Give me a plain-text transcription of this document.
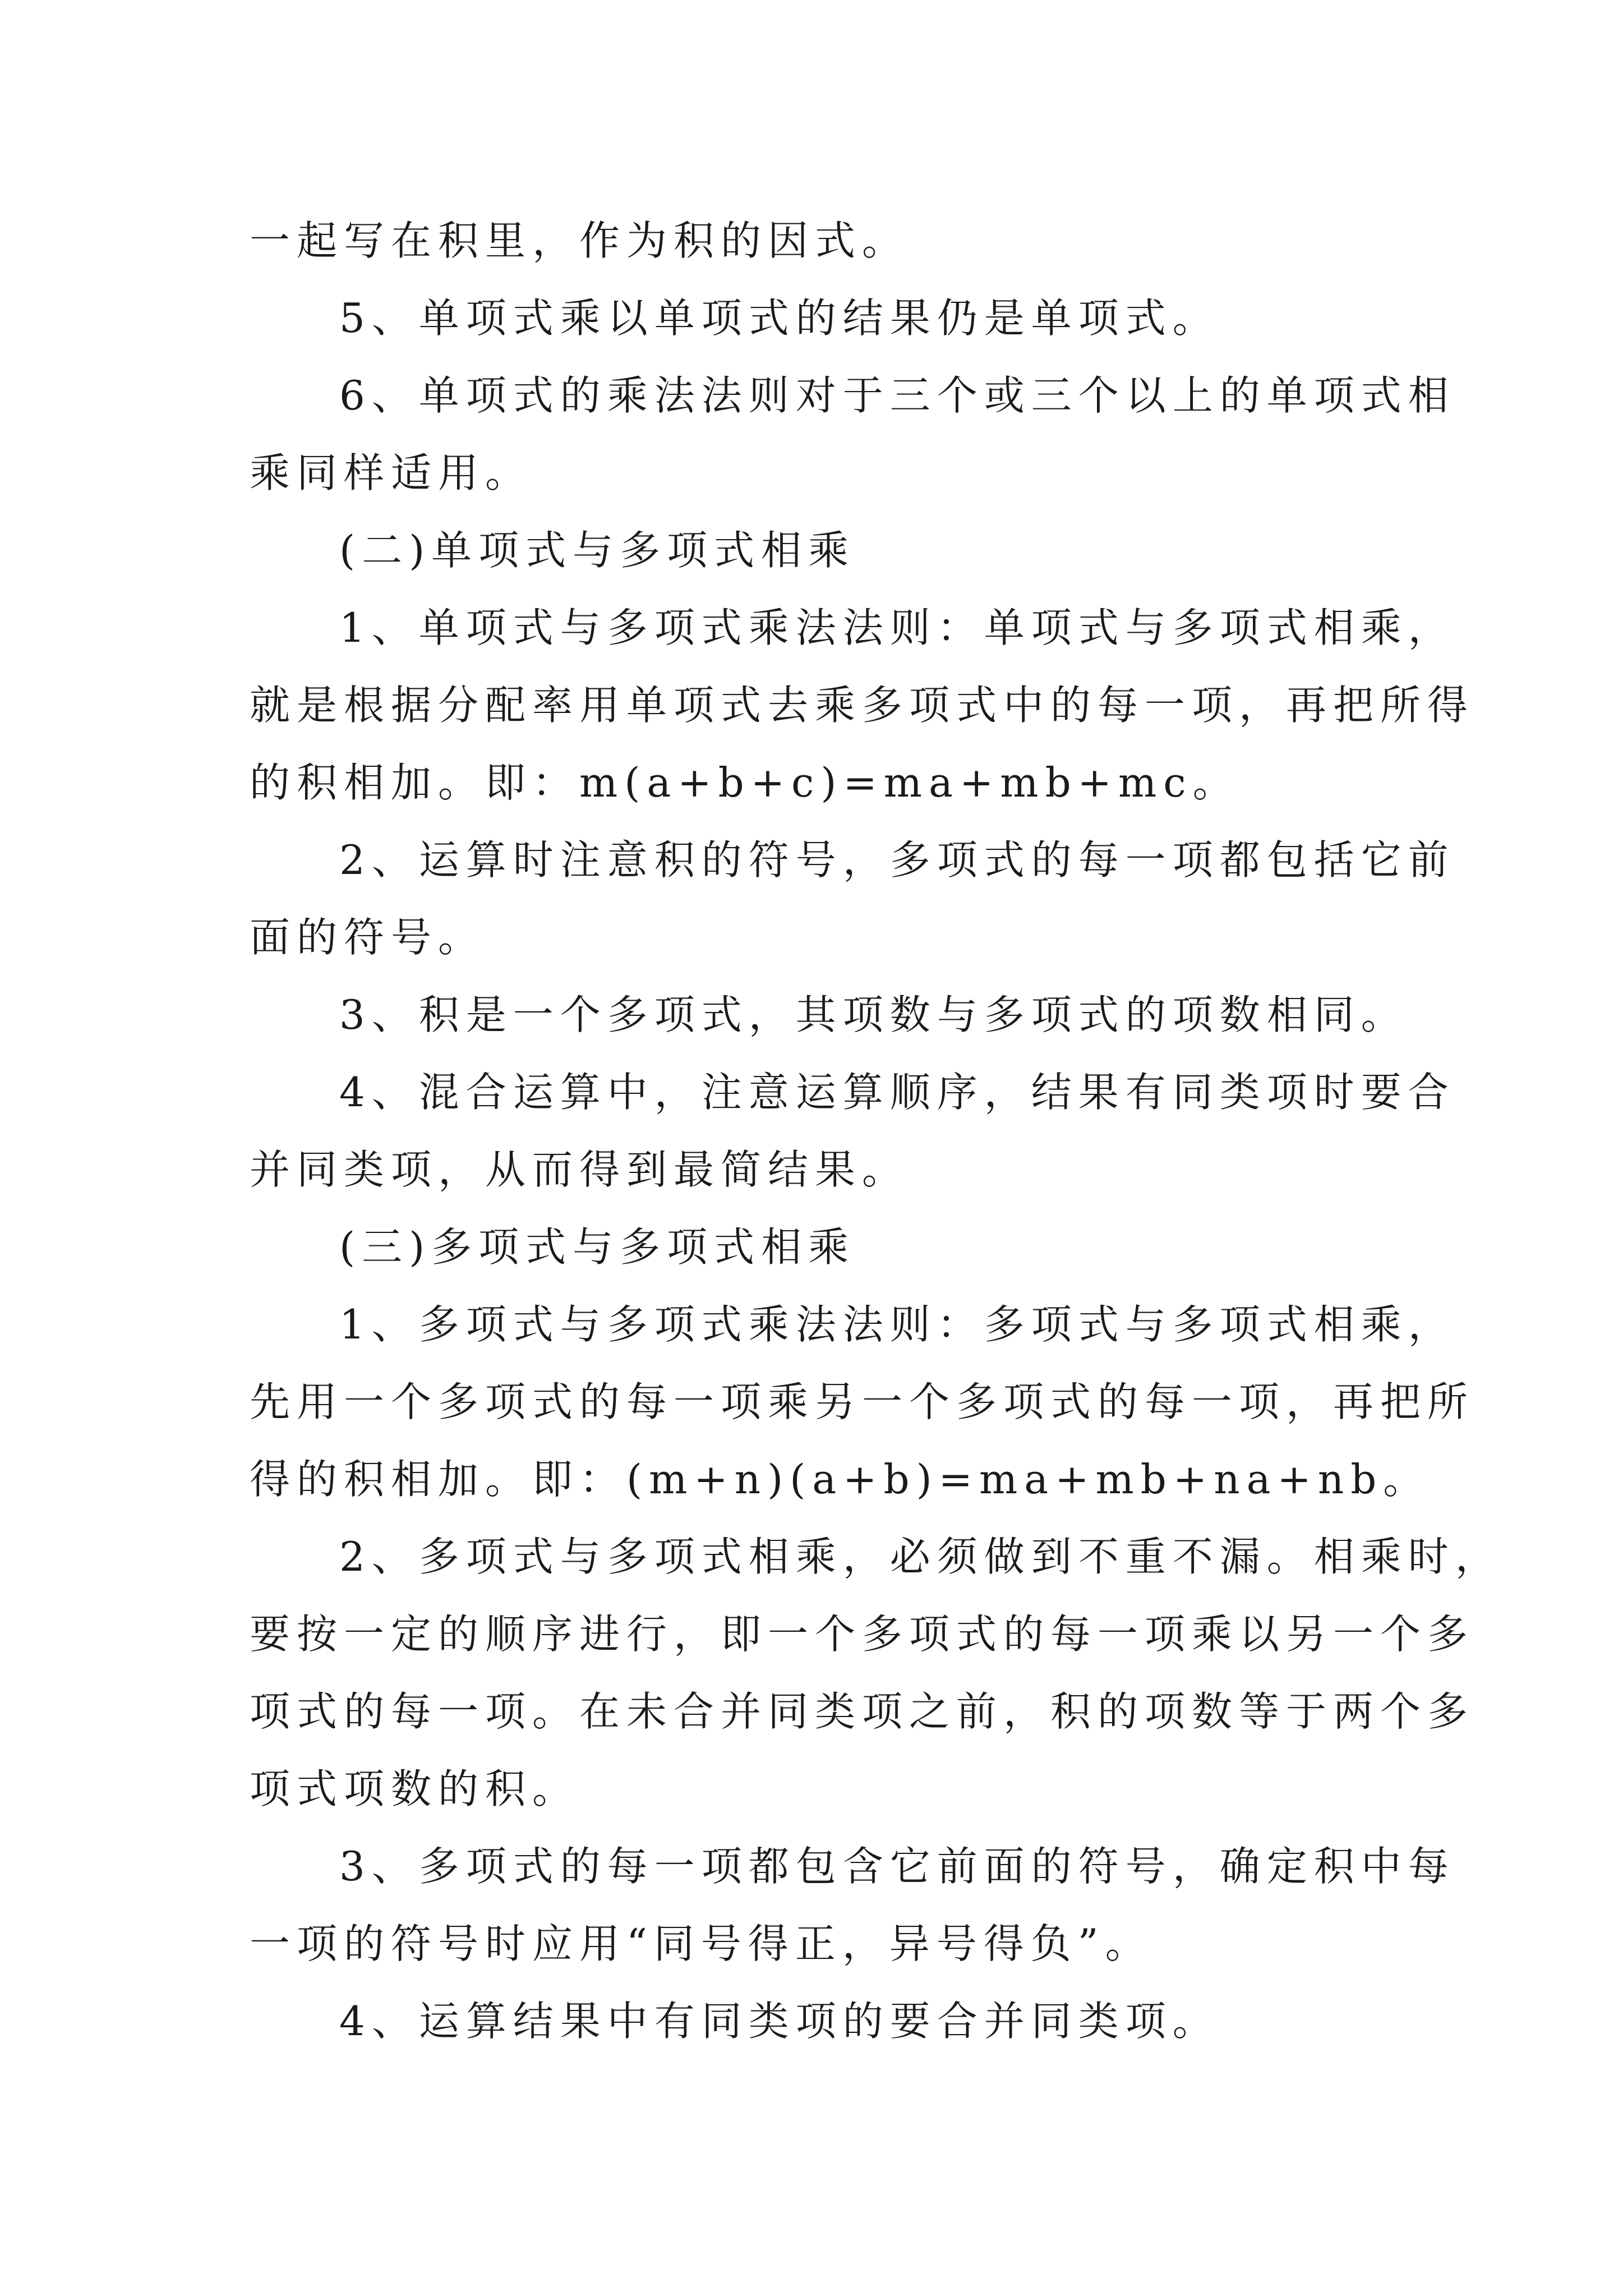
一起写在积里，作为积的因式。
5、单项式乘以单项式的结果仍是单项式。
6、单项式的乘法法则对于三个或三个以上的单项式相
乘同样适用。
(二)单项式与多项式相乘
1、单项式与多项式乘法法则：单项式与多项式相乘，
就是根据分配率用单项式去乘多项式中的每一项，再把所得
的积相加。即：m(a+b+c)=ma+mb+mc。
2、运算时注意积的符号，多项式的每一项都包括它前
面的符号。
3、积是一个多项式，其项数与多项式的项数相同。
4、混合运算中，注意运算顺序，结果有同类项时要合
并同类项，从而得到最简结果。
(三)多项式与多项式相乘
1、多项式与多项式乘法法则：多项式与多项式相乘，
先用一个多项式的每一项乘另一个多项式的每一项，再把所
得的积相加。即：(m+n)(a+b)=ma+mb+na+nb。
2、多项式与多项式相乘，必须做到不重不漏。相乘时，
要按一定的顺序进行，即一个多项式的每一项乘以另一个多
项式的每一项。在未合并同类项之前，积的项数等于两个多
项式项数的积。
3、多项式的每一项都包含它前面的符号，确定积中每
一项的符号时应用“同号得正，异号得负”。
4、运算结果中有同类项的要合并同类项。
